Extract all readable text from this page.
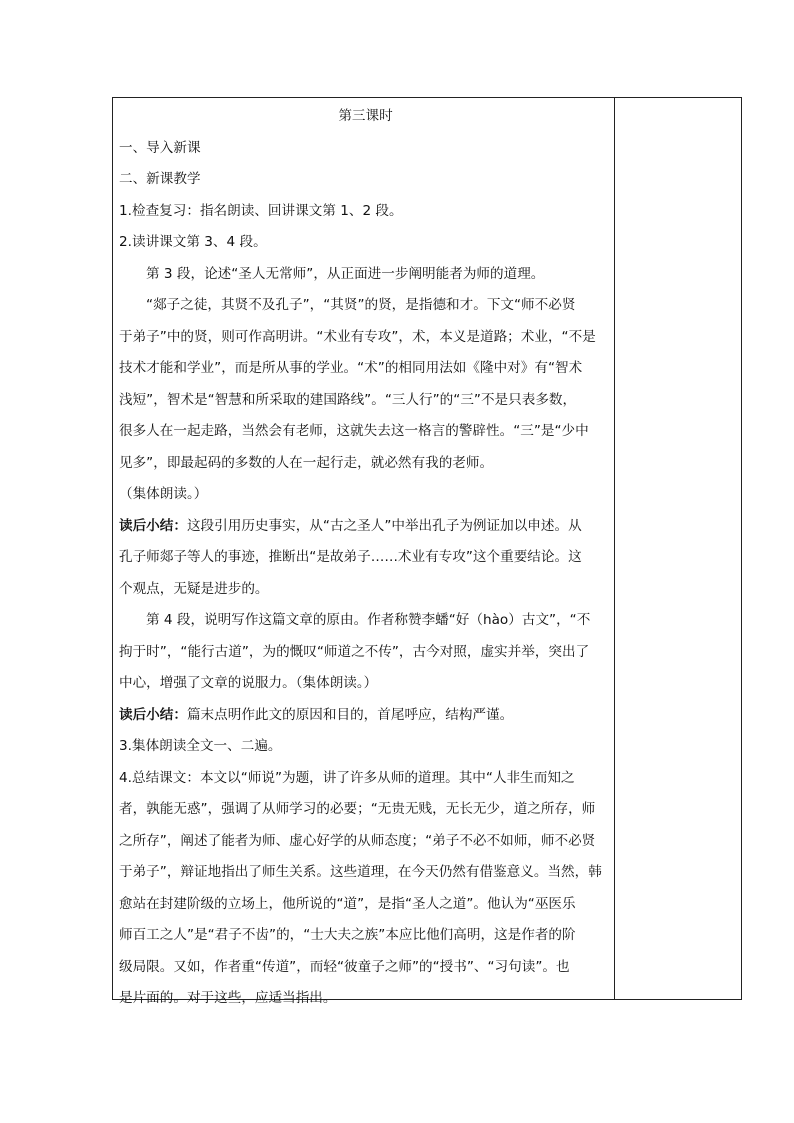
第三课时

一、导入新课

二、新课教学

1.检查复习：指名朗读、回讲课文第 1、2 段。

2.读讲课文第 3、4 段。

第 3 段，论述“圣人无常师”，从正面进一步阐明能者为师的道理。

“郯子之徒，其贤不及孔子”，“其贤”的贤，是指德和才。下文“师不必贤

于弟子”中的贤，则可作高明讲。“术业有专攻”，术，本义是道路；术业，“不是

技术才能和学业”，而是所从事的学业。“术”的相同用法如《隆中对》有“智术

浅短”，智术是“智慧和所采取的建国路线”。“三人行”的“三”不是只表多数，

很多人在一起走路，当然会有老师，这就失去这一格言的警辟性。“三”是“少中

见多”，即最起码的多数的人在一起行走，就必然有我的老师。

（集体朗读。）

读后小结：这段引用历史事实，从“古之圣人”中举出孔子为例证加以申述。从

孔子师郯子等人的事迹，推断出“是故弟子……术业有专攻”这个重要结论。这

个观点，无疑是进步的。

第 4 段，说明写作这篇文章的原由。作者称赞李蟠“好（hào）古文”，“不

拘于时”，“能行古道”，为的慨叹“师道之不传”，古今对照，虚实并举，突出了

中心，增强了文章的说服力。（集体朗读。）

读后小结：篇末点明作此文的原因和目的，首尾呼应，结构严谨。

3.集体朗读全文一、二遍。

4.总结课文：本文以“师说”为题，讲了许多从师的道理。其中“人非生而知之

者，孰能无惑”，强调了从师学习的必要；“无贵无贱，无长无少，道之所存，师

之所存”，阐述了能者为师、虚心好学的从师态度；“弟子不必不如师，师不必贤

于弟子”，辩证地指出了师生关系。这些道理，在今天仍然有借鉴意义。当然，韩

愈站在封建阶级的立场上，他所说的“道”，是指“圣人之道”。他认为“巫医乐

师百工之人”是“君子不齿”的，“士大夫之族”本应比他们高明，这是作者的阶

级局限。又如，作者重“传道”，而轻“彼童子之师”的“授书”、“习句读”。也

是片面的。对于这些，应适当指出。
